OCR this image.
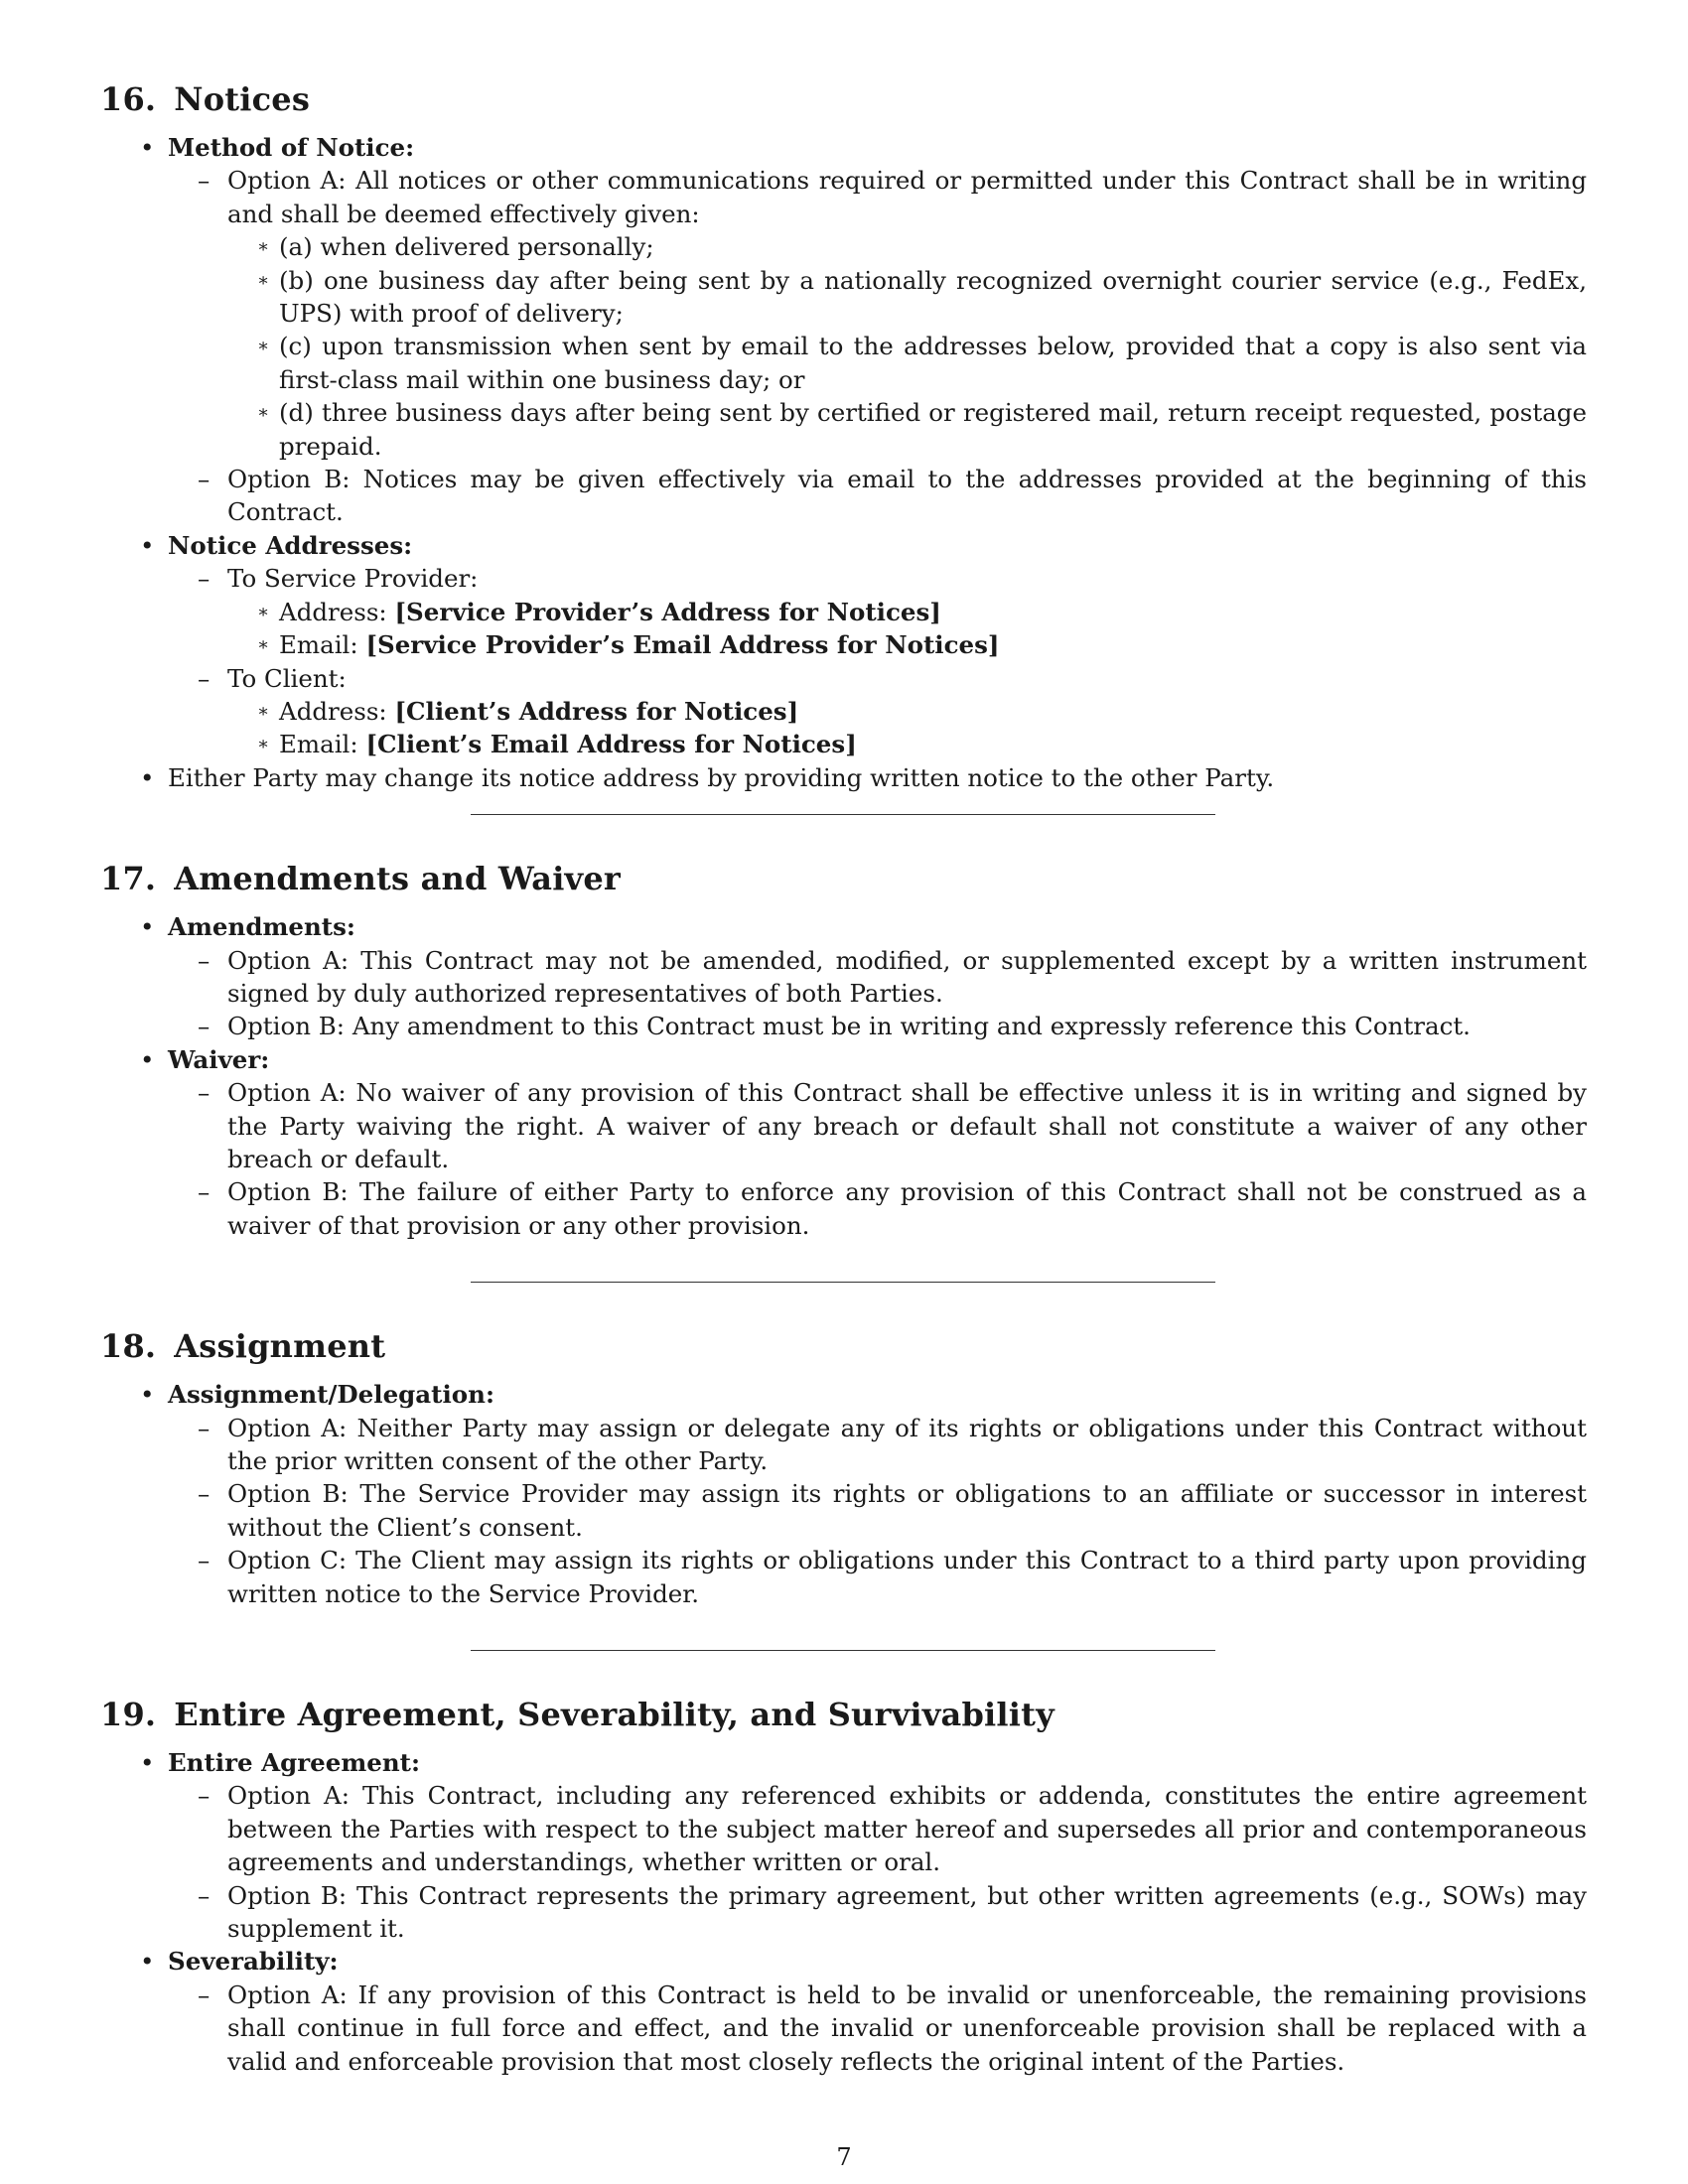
16. Notices
• Method of Notice:
– Option A: All notices or other communications required or permitted under this Contract shall be in writing and shall be deemed effectively given:
∗ (a) when delivered personally;
∗ (b) one business day after being sent by a nationally recognized overnight courier service (e.g., FedEx, UPS) with proof of delivery;
∗ (c) upon transmission when sent by email to the addresses below, provided that a copy is also sent via first-class mail within one business day; or
∗ (d) three business days after being sent by certified or registered mail, return receipt requested, postage prepaid.
– Option B: Notices may be given effectively via email to the addresses provided at the beginning of this Contract.
• Notice Addresses:
– To Service Provider:
∗ Address: [Service Provider’s Address for Notices]
∗ Email: [Service Provider’s Email Address for Notices]
– To Client:
∗ Address: [Client’s Address for Notices]
∗ Email: [Client’s Email Address for Notices]
• Either Party may change its notice address by providing written notice to the other Party.
17. Amendments and Waiver
• Amendments:
– Option A: This Contract may not be amended, modified, or supplemented except by a written instrument signed by duly authorized representatives of both Parties.
– Option B: Any amendment to this Contract must be in writing and expressly reference this Contract.
• Waiver:
– Option A: No waiver of any provision of this Contract shall be effective unless it is in writing and signed by the Party waiving the right. A waiver of any breach or default shall not constitute a waiver of any other breach or default.
– Option B: The failure of either Party to enforce any provision of this Contract shall not be construed as a waiver of that provision or any other provision.
18. Assignment
• Assignment/Delegation:
– Option A: Neither Party may assign or delegate any of its rights or obligations under this Contract without the prior written consent of the other Party.
– Option B: The Service Provider may assign its rights or obligations to an affiliate or successor in interest without the Client’s consent.
– Option C: The Client may assign its rights or obligations under this Contract to a third party upon providing written notice to the Service Provider.
19. Entire Agreement, Severability, and Survivability
• Entire Agreement:
– Option A: This Contract, including any referenced exhibits or addenda, constitutes the entire agreement between the Parties with respect to the subject matter hereof and supersedes all prior and contemporaneous agreements and understandings, whether written or oral.
– Option B: This Contract represents the primary agreement, but other written agreements (e.g., SOWs) may supplement it.
• Severability:
– Option A: If any provision of this Contract is held to be invalid or unenforceable, the remaining provisions shall continue in full force and effect, and the invalid or unenforceable provision shall be replaced with a valid and enforceable provision that most closely reflects the original intent of the Parties.
7
